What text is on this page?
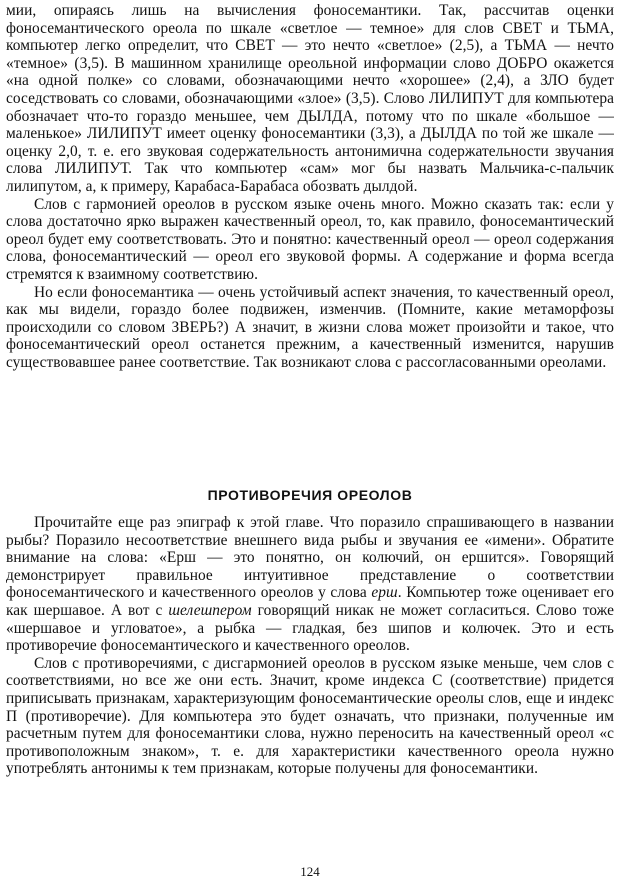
мии, опираясь лишь на вычисления фоносемантики. Так, рассчитав оценки фоносемантического ореола по шкале «светлое — темное» для слов СВЕТ и ТЬМА, компьютер легко определит, что СВЕТ — это нечто «светлое» (2,5), а ТЬМА — нечто «темное» (3,5). В машинном хранилище ореольной информации слово ДОБРО окажется «на одной полке» со словами, обозначающими нечто «хорошее» (2,4), а ЗЛО будет соседствовать со словами, обозначающими «злое» (3,5). Слово ЛИЛИПУТ для компьютера обозначает что-то гораздо меньшее, чем ДЫЛДА, потому что по шкале «большое — маленькое» ЛИЛИПУТ имеет оценку фоносемантики (3,3), а ДЫЛДА по той же шкале — оценку 2,0, т. е. его звуковая содержательность антонимична содержательности звучания слова ЛИЛИПУТ. Так что компьютер «сам» мог бы назвать Мальчика-с-пальчик лилипутом, а, к примеру, Карабаса-Барабаса обозвать дылдой.

Слов с гармонией ореолов в русском языке очень много. Можно сказать так: если у слова достаточно ярко выражен качественный ореол, то, как правило, фоносемантический ореол будет ему соответствовать. Это и понятно: качественный ореол — ореол содержания слова, фоносемантический — ореол его звуковой формы. А содержание и форма всегда стремятся к взаимному соответствию.

Но если фоносемантика — очень устойчивый аспект значения, то качественный ореол, как мы видели, гораздо более подвижен, изменчив. (Помните, какие метаморфозы происходили со словом ЗВЕРЬ?) А значит, в жизни слова может произойти и такое, что фоносемантический ореол останется прежним, а качественный изменится, нарушив существовавшее ранее соответствие. Так возникают слова с рассогласованными ореолами.

ПРОТИВОРЕЧИЯ ОРЕОЛОВ

Прочитайте еще раз эпиграф к этой главе. Что поразило спрашивающего в названии рыбы? Поразило несоответствие внешнего вида рыбы и звучания ее «имени». Обратите внимание на слова: «Ерш — это понятно, он колючий, он ершится». Говорящий демонстрирует правильное интуитивное представление о соответствии фоносемантического и качественного ореолов у слова ерш. Компьютер тоже оценивает его как шершавое. А вот с шелешпером говорящий никак не может согласиться. Слово тоже «шершавое и угловатое», а рыбка — гладкая, без шипов и колючек. Это и есть противоречие фоносемантического и качественного ореолов.

Слов с противоречиями, с дисгармонией ореолов в русском языке меньше, чем слов с соответствиями, но все же они есть. Значит, кроме индекса С (соответствие) придется приписывать признакам, характеризующим фоносемантические ореолы слов, еще и индекс П (противоречие). Для компьютера это будет означать, что признаки, полученные им расчетным путем для фоносемантики слова, нужно переносить на качественный ореол «с противоположным знаком», т. е. для характеристики качественного ореола нужно употреблять антонимы к тем признакам, которые получены для фоносемантики.

124
